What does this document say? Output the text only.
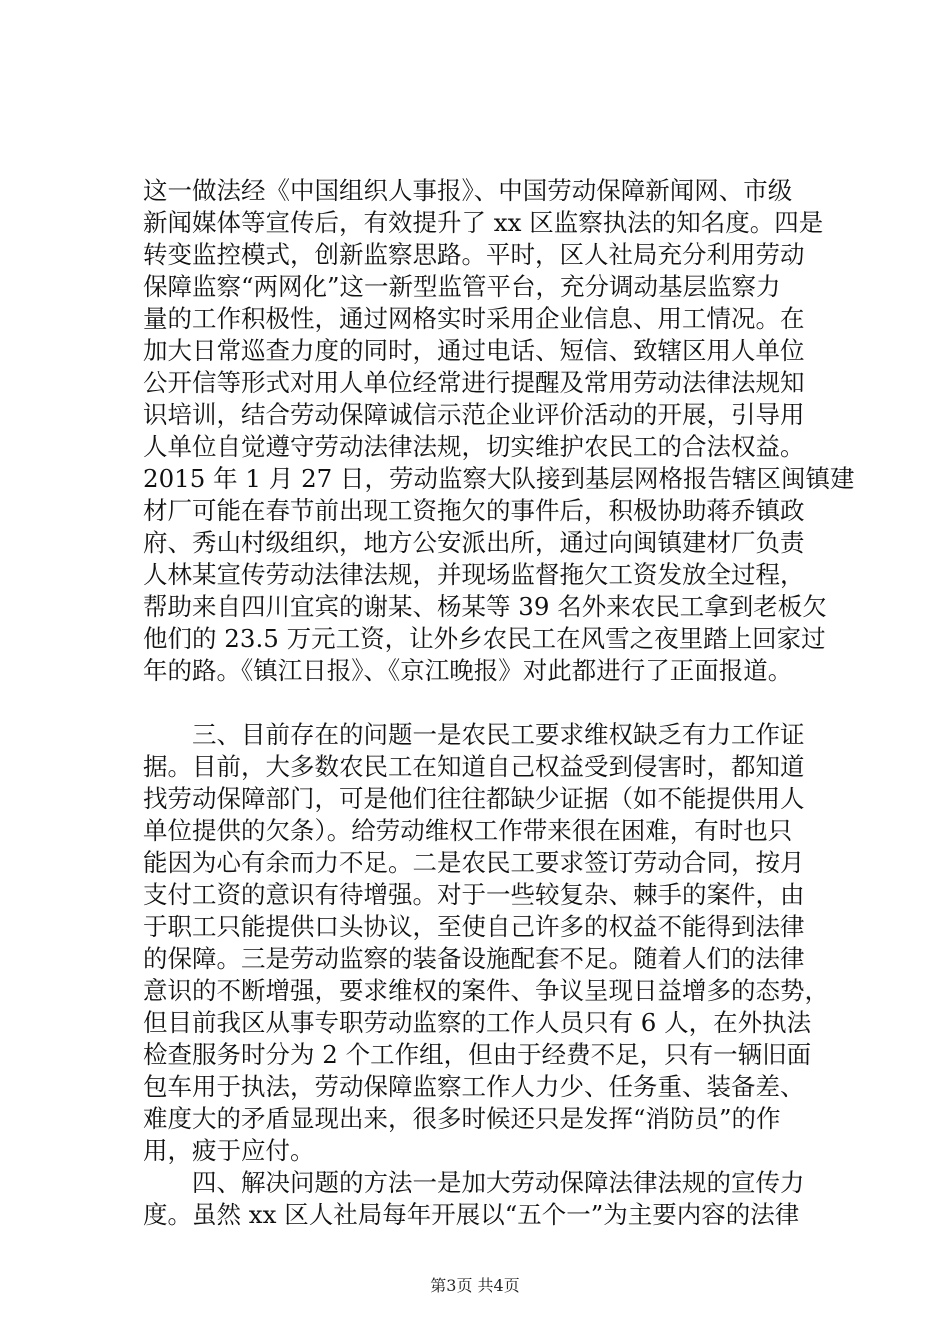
这一做法经《中国组织人事报》、中国劳动保障新闻网、市级
新闻媒体等宣传后，有效提升了 xx 区监察执法的知名度。四是
转变监控模式，创新监察思路。平时，区人社局充分利用劳动
保障监察“两网化”这一新型监管平台，充分调动基层监察力
量的工作积极性，通过网格实时采用企业信息、用工情况。在
加大日常巡查力度的同时，通过电话、短信、致辖区用人单位
公开信等形式对用人单位经常进行提醒及常用劳动法律法规知
识培训，结合劳动保障诚信示范企业评价活动的开展，引导用
人单位自觉遵守劳动法律法规，切实维护农民工的合法权益。
2015 年 1 月 27 日，劳动监察大队接到基层网格报告辖区闽镇建
材厂可能在春节前出现工资拖欠的事件后，积极协助蒋乔镇政
府、秀山村级组织，地方公安派出所，通过向闽镇建材厂负责
人林某宣传劳动法律法规，并现场监督拖欠工资发放全过程，
帮助来自四川宜宾的谢某、杨某等 39 名外来农民工拿到老板欠
他们的 23.5 万元工资，让外乡农民工在风雪之夜里踏上回家过
年的路。《镇江日报》、《京江晚报》对此都进行了正面报道。
三、目前存在的问题一是农民工要求维权缺乏有力工作证
据。目前，大多数农民工在知道自己权益受到侵害时，都知道
找劳动保障部门，可是他们往往都缺少证据（如不能提供用人
单位提供的欠条）。给劳动维权工作带来很在困难，有时也只
能因为心有余而力不足。二是农民工要求签订劳动合同，按月
支付工资的意识有待增强。对于一些较复杂、棘手的案件，由
于职工只能提供口头协议，至使自己许多的权益不能得到法律
的保障。三是劳动监察的装备设施配套不足。随着人们的法律
意识的不断增强，要求维权的案件、争议呈现日益增多的态势，
但目前我区从事专职劳动监察的工作人员只有 6 人，在外执法
检查服务时分为 2 个工作组，但由于经费不足，只有一辆旧面
包车用于执法，劳动保障监察工作人力少、任务重、装备差、
难度大的矛盾显现出来，很多时候还只是发挥“消防员”的作
用，疲于应付。
四、解决问题的方法一是加大劳动保障法律法规的宣传力
度。虽然 xx 区人社局每年开展以“五个一”为主要内容的法律
第3页 共4页
